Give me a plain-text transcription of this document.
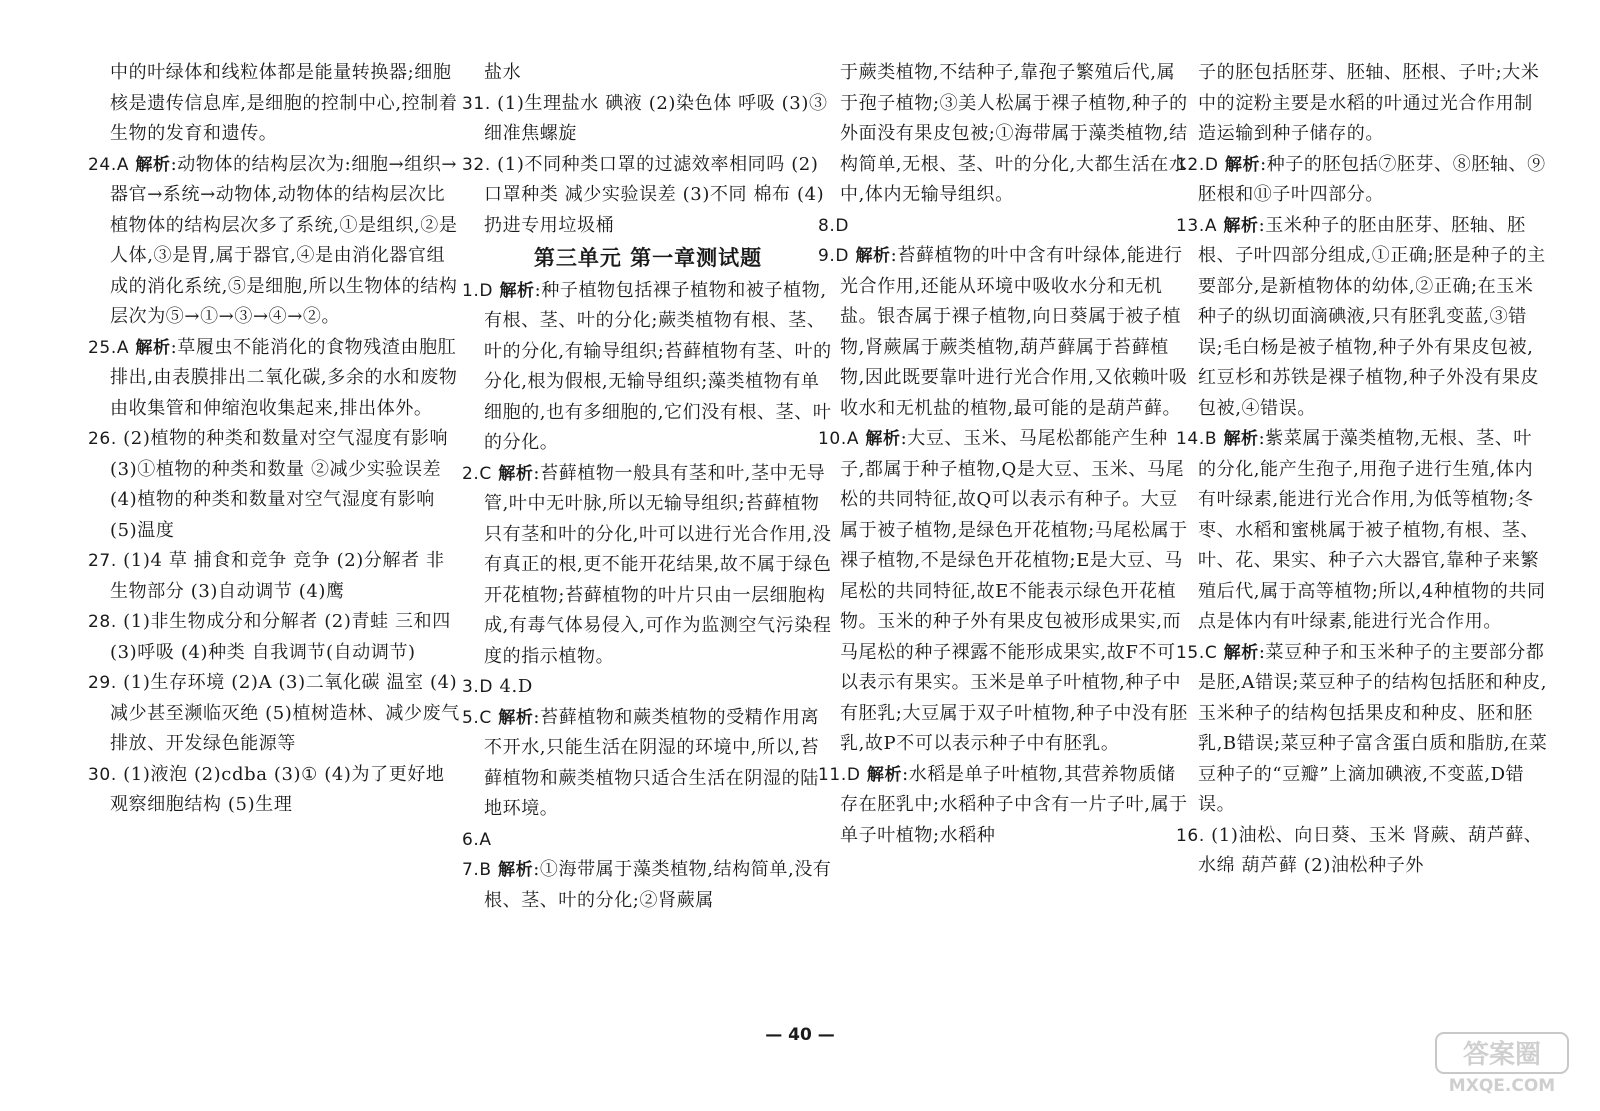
中的叶绿体和线粒体都是能量转换器;细胞核是遗传信息库,是细胞的控制中心,控制着生物的发育和遗传。

24.A 解析:动物体的结构层次为:细胞→组织→器官→系统→动物体,动物体的结构层次比植物体的结构层次多了系统,①是组织,②是人体,③是胃,属于器官,④是由消化器官组成的消化系统,⑤是细胞,所以生物体的结构层次为⑤→①→③→④→②。

25.A 解析:草履虫不能消化的食物残渣由胞肛排出,由表膜排出二氧化碳,多余的水和废物由收集管和伸缩泡收集起来,排出体外。

26. (2)植物的种类和数量对空气湿度有影响 (3)①植物的种类和数量 ②减少实验误差 (4)植物的种类和数量对空气湿度有影响 (5)温度

27. (1)4 草 捕食和竞争 竞争 (2)分解者 非生物部分 (3)自动调节 (4)鹰

28. (1)非生物成分和分解者 (2)青蛙 三和四 (3)呼吸 (4)种类 自我调节(自动调节)

29. (1)生存环境 (2)A (3)二氧化碳 温室 (4)减少甚至濒临灭绝 (5)植树造林、减少废气排放、开发绿色能源等

30. (1)液泡 (2)cdba (3)① (4)为了更好地观察细胞结构 (5)生理

盐水

31. (1)生理盐水 碘液 (2)染色体 呼吸 (3)③ 细准焦螺旋

32. (1)不同种类口罩的过滤效率相同吗 (2)口罩种类 减少实验误差 (3)不同 棉布 (4)扔进专用垃圾桶

第三单元 第一章测试题

1.D 解析:种子植物包括裸子植物和被子植物,有根、茎、叶的分化;蕨类植物有根、茎、叶的分化,有输导组织;苔藓植物有茎、叶的分化,根为假根,无输导组织;藻类植物有单细胞的,也有多细胞的,它们没有根、茎、叶的分化。

2.C 解析:苔藓植物一般具有茎和叶,茎中无导管,叶中无叶脉,所以无输导组织;苔藓植物只有茎和叶的分化,叶可以进行光合作用,没有真正的根,更不能开花结果,故不属于绿色开花植物;苔藓植物的叶片只由一层细胞构成,有毒气体易侵入,可作为监测空气污染程度的指示植物。

3.D 4.D

5.C 解析:苔藓植物和蕨类植物的受精作用离不开水,只能生活在阴湿的环境中,所以,苔藓植物和蕨类植物只适合生活在阴湿的陆地环境。

6.A

7.B 解析:①海带属于藻类植物,结构简单,没有根、茎、叶的分化;②肾蕨属

于蕨类植物,不结种子,靠孢子繁殖后代,属于孢子植物;③美人松属于裸子植物,种子的外面没有果皮包被;①海带属于藻类植物,结构简单,无根、茎、叶的分化,大都生活在水中,体内无输导组织。

8.D

9.D 解析:苔藓植物的叶中含有叶绿体,能进行光合作用,还能从环境中吸收水分和无机盐。银杏属于裸子植物,向日葵属于被子植物,肾蕨属于蕨类植物,葫芦藓属于苔藓植物,因此既要靠叶进行光合作用,又依赖叶吸收水和无机盐的植物,最可能的是葫芦藓。

10.A 解析:大豆、玉米、马尾松都能产生种子,都属于种子植物,Q是大豆、玉米、马尾松的共同特征,故Q可以表示有种子。大豆属于被子植物,是绿色开花植物;马尾松属于裸子植物,不是绿色开花植物;E是大豆、马尾松的共同特征,故E不能表示绿色开花植物。玉米的种子外有果皮包被形成果实,而马尾松的种子裸露不能形成果实,故F不可以表示有果实。玉米是单子叶植物,种子中有胚乳;大豆属于双子叶植物,种子中没有胚乳,故P不可以表示种子中有胚乳。

11.D 解析:水稻是单子叶植物,其营养物质储存在胚乳中;水稻种子中含有一片子叶,属于单子叶植物;水稻种

子的胚包括胚芽、胚轴、胚根、子叶;大米中的淀粉主要是水稻的叶通过光合作用制造运输到种子储存的。

12.D 解析:种子的胚包括⑦胚芽、⑧胚轴、⑨胚根和⑪子叶四部分。

13.A 解析:玉米种子的胚由胚芽、胚轴、胚根、子叶四部分组成,①正确;胚是种子的主要部分,是新植物体的幼体,②正确;在玉米种子的纵切面滴碘液,只有胚乳变蓝,③错误;毛白杨是被子植物,种子外有果皮包被,红豆杉和苏铁是裸子植物,种子外没有果皮包被,④错误。

14.B 解析:紫菜属于藻类植物,无根、茎、叶的分化,能产生孢子,用孢子进行生殖,体内有叶绿素,能进行光合作用,为低等植物;冬枣、水稻和蜜桃属于被子植物,有根、茎、叶、花、果实、种子六大器官,靠种子来繁殖后代,属于高等植物;所以,4种植物的共同点是体内有叶绿素,能进行光合作用。

15.C 解析:菜豆种子和玉米种子的主要部分都是胚,A错误;菜豆种子的结构包括胚和种皮,玉米种子的结构包括果皮和种皮、胚和胚乳,B错误;菜豆种子富含蛋白质和脂肪,在菜豆种子的“豆瓣”上滴加碘液,不变蓝,D错误。

16. (1)油松、向日葵、玉米 肾蕨、葫芦藓、水绵 葫芦藓 (2)油松种子外

— 40 —
答案圈
MXQE.COM
